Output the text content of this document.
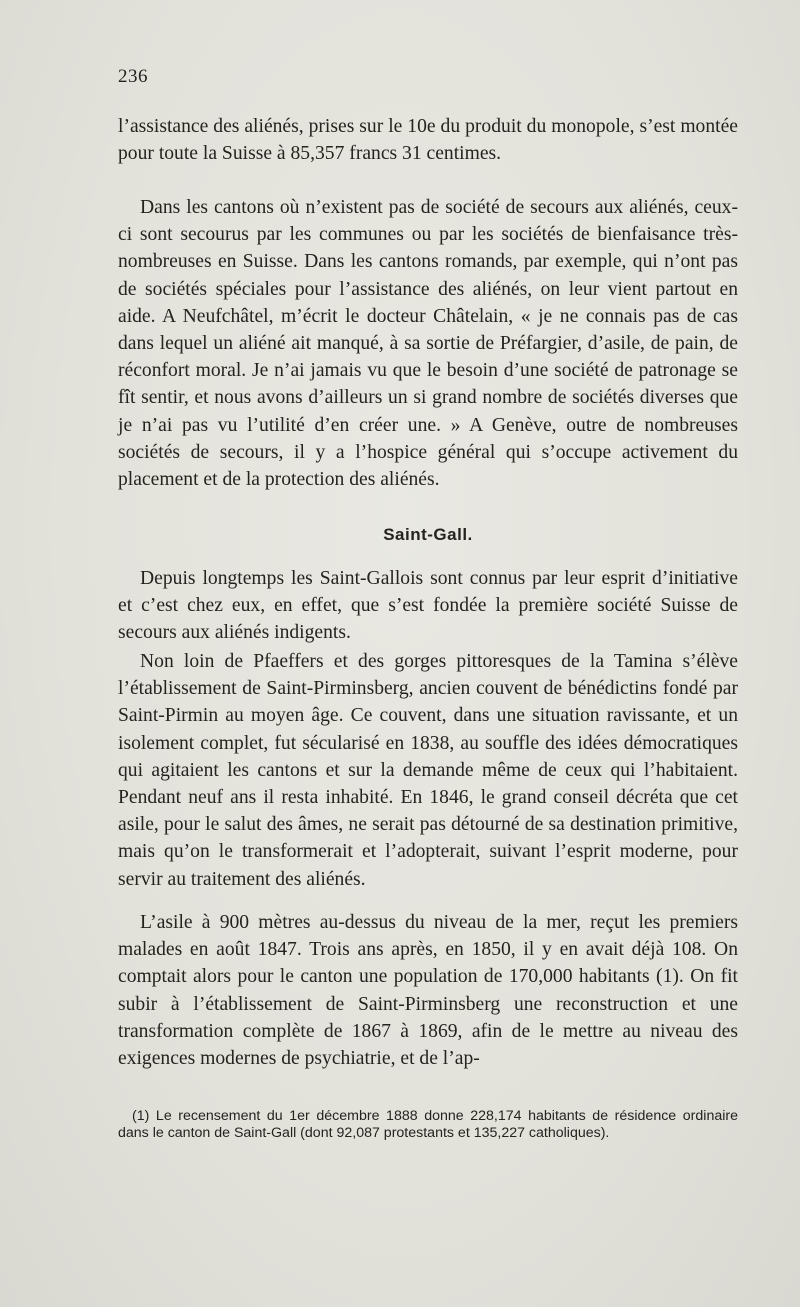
236

l’assistance des aliénés, prises sur le 10e du produit du monopole, s’est montée pour toute la Suisse à 85,357 francs 31 centimes.

Dans les cantons où n’existent pas de société de secours aux aliénés, ceux-ci sont secourus par les communes ou par les sociétés de bienfaisance très-nombreuses en Suisse. Dans les cantons romands, par exemple, qui n’ont pas de sociétés spéciales pour l’assistance des aliénés, on leur vient partout en aide. A Neufchâtel, m’écrit le docteur Châtelain, « je ne connais pas de cas dans lequel un aliéné ait manqué, à sa sortie de Préfargier, d’asile, de pain, de réconfort moral. Je n’ai jamais vu que le besoin d’une société de patronage se fît sentir, et nous avons d’ailleurs un si grand nombre de sociétés diverses que je n’ai pas vu l’utilité d’en créer une. » A Genève, outre de nombreuses sociétés de secours, il y a l’hospice général qui s’occupe activement du placement et de la protection des aliénés.

Saint-Gall.

Depuis longtemps les Saint-Gallois sont connus par leur esprit d’initiative et c’est chez eux, en effet, que s’est fondée la première société Suisse de secours aux aliénés indigents.

Non loin de Pfaeffers et des gorges pittoresques de la Tamina s’élève l’établissement de Saint-Pirminsberg, ancien couvent de bénédictins fondé par Saint-Pirmin au moyen âge. Ce couvent, dans une situation ravissante, et un isolement complet, fut sécularisé en 1838, au souffle des idées démocratiques qui agitaient les cantons et sur la demande même de ceux qui l’habitaient. Pendant neuf ans il resta inhabité. En 1846, le grand conseil décréta que cet asile, pour le salut des âmes, ne serait pas détourné de sa destination primitive, mais qu’on le transformerait et l’adopterait, suivant l’esprit moderne, pour servir au traitement des aliénés.

L’asile à 900 mètres au-dessus du niveau de la mer, reçut les premiers malades en août 1847. Trois ans après, en 1850, il y en avait déjà 108. On comptait alors pour le canton une population de 170,000 habitants (1). On fit subir à l’établissement de Saint-Pirminsberg une reconstruction et une transformation complète de 1867 à 1869, afin de le mettre au niveau des exigences modernes de psychiatrie, et de l’ap-

(1) Le recensement du 1er décembre 1888 donne 228,174 habitants de résidence ordinaire dans le canton de Saint-Gall (dont 92,087 protestants et 135,227 catholiques).
